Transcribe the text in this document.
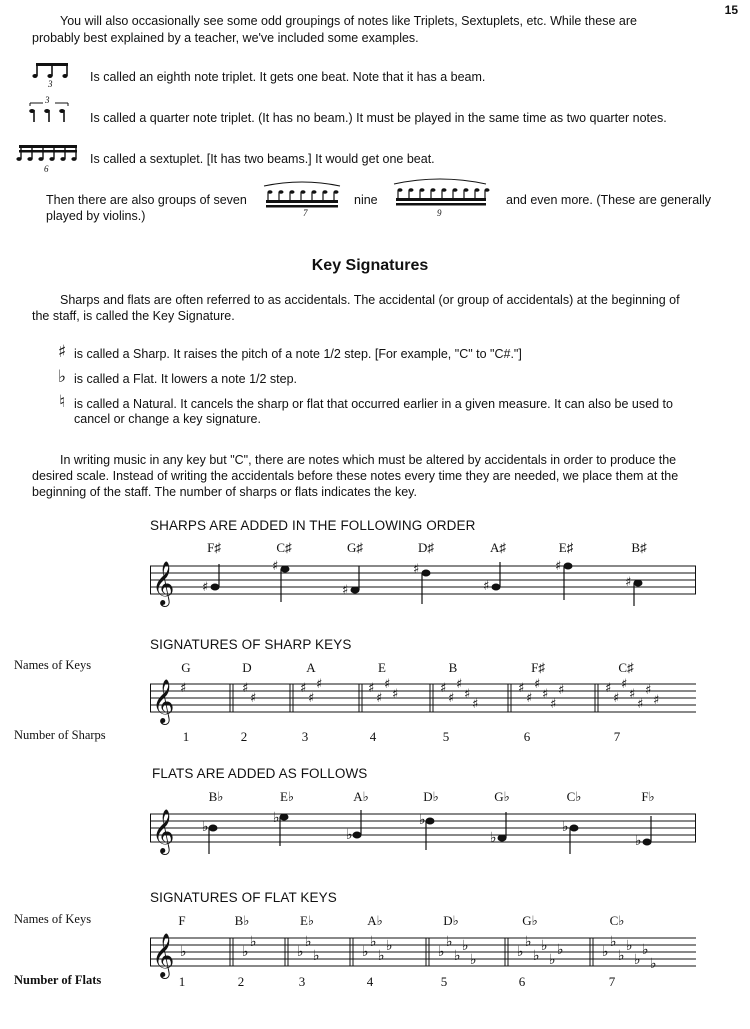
15
You will also occasionally see some odd groupings of notes like Triplets, Sextuplets, etc. While these are
probably best explained by a teacher, we've included some examples.
3	Is called an eighth note triplet. It gets one beat. Note that it has a beam.
3
Is called a quarter note triplet. (It has no beam.) It must be played in the same time as two quarter notes.
6
Is called a sextuplet. [It has two beams.] It would get one beat.
Then there are also groups of seven
7
nine
9
and even more. (These are generally
played by violins.)
Key Signatures
Sharps and flats are often referred to as accidentals. The accidental (or group of accidentals) at the beginning of
the staff, is called the Key Signature.
♯ is called a Sharp. It raises the pitch of a note 1/2 step. [For example, "C" to "C#."]
♭ is called a Flat. It lowers a note 1/2 step.
♮ is called a Natural. It cancels the sharp or flat that occurred earlier in a given measure. It can also be used to
cancel or change a key signature.
In writing music in any key but "C", there are notes which must be altered by accidentals in order to produce the
desired scale. Instead of writing the accidentals before these notes every time they are needed, we place them at the
beginning of the staff. The number of sharps or flats indicates the key.
SHARPS ARE ADDED IN THE FOLLOWING ORDER
F♯	C♯	G♯	D♯	A♯	E♯	B♯
𝄞 ♯
♯
♯
♯
♯
♯
♯
SIGNATURES OF SHARP KEYS
Names of Keys
Number of Sharps
G	D	A	E	B	F♯	C♯
𝄞 ♯	♯
♯
♯
♯
♯	♯
♯
♯
♯	♯
♯
♯
♯
♯
♯
♯
♯
♯
♯
♯	♯
♯
♯
♯
♯
♯
♯
1	2	3	4	5	6	7
FLATS ARE ADDED AS FOLLOWS
B♭	E♭	A♭	D♭	G♭	C♭	F♭
𝄞 ♭
♭
♭
♭
♭
♭
♭
SIGNATURES OF FLAT KEYS
Names of Keys
Number of Flats
F	B♭	E♭	A♭	D♭	G♭	C♭
𝄞 ♭	♭
♭
♭
♭
♭	♭
♭
♭
♭	♭
♭
♭
♭
♭	♭
♭
♭
♭
♭
♭	♭
♭
♭
♭
♭
♭
♭
1	2	3	4	5	6	7
